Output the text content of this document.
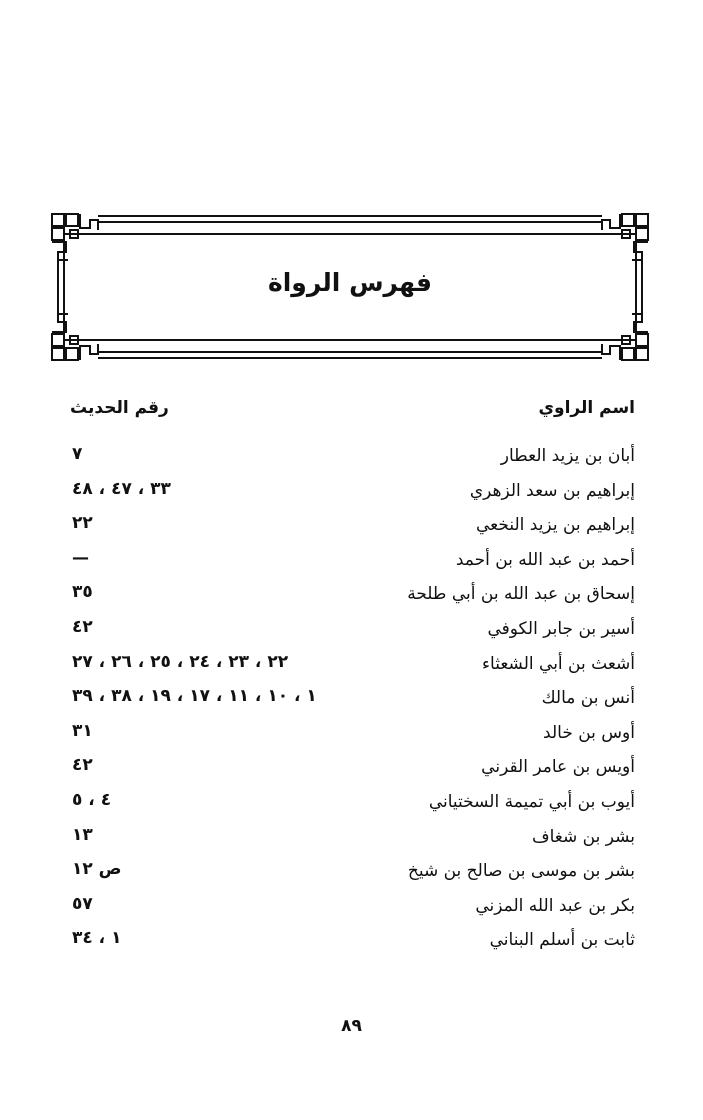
فهرس الرواة
اسم الراوي
رقم الحديث
أبان بن يزيد العطار
٧
إبراهيم بن سعد الزهري
٣٣ ، ٤٧ ، ٤٨
إبراهيم بن يزيد النخعي
٢٢
أحمد بن عبد الله بن أحمد
—
إسحاق بن عبد الله بن أبي طلحة
٣٥
أسير بن جابر الكوفي
٤٢
أشعث بن أبي الشعثاء
٢٢ ، ٢٣ ، ٢٤ ، ٢٥ ، ٢٦ ، ٢٧
أنس بن مالك
١ ، ١٠ ، ١١ ، ١٧ ، ١٩ ، ٣٨ ، ٣٩
أوس بن خالد
٣١
أويس بن عامر القرني
٤٢
أيوب بن أبي تميمة السختياني
٤ ، ٥
بشر بن شغاف
١٣
بشر بن موسى بن صالح بن شيخ
ص ١٢
بكر بن عبد الله المزني
٥٧
ثابت بن أسلم البناني
١ ، ٣٤
٨٩
